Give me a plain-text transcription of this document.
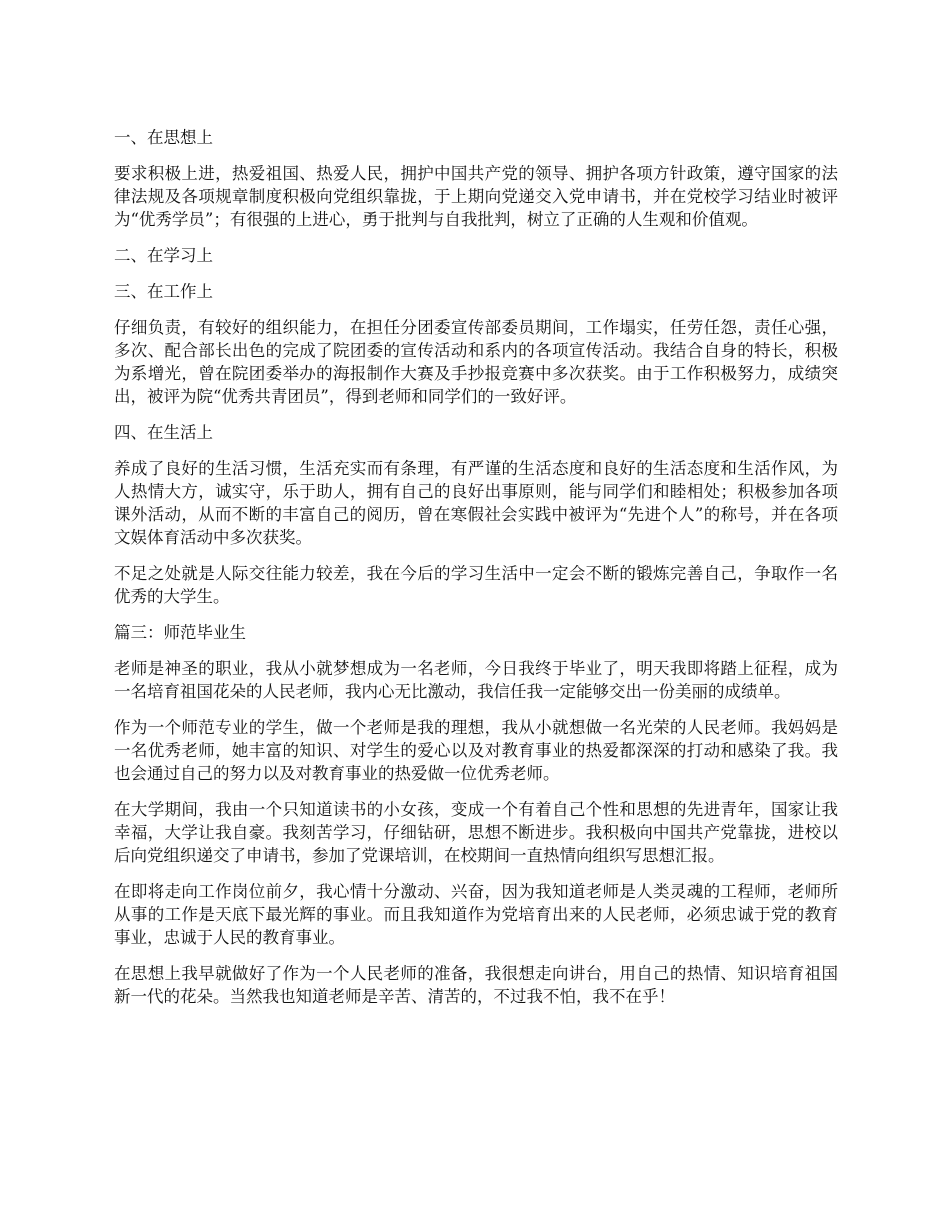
一、在思想上
要求积极上进，热爱祖国、热爱人民，拥护中国共产党的领导、拥护各项方针政策，遵守国家的法律法规及各项规章制度积极向党组织靠拢，于上期向党递交入党申请书，并在党校学习结业时被评为“优秀学员”；有很强的上进心，勇于批判与自我批判，树立了正确的人生观和价值观。
二、在学习上
三、在工作上
仔细负责，有较好的组织能力，在担任分团委宣传部委员期间，工作塌实，任劳任怨，责任心强，多次、配合部长出色的完成了院团委的宣传活动和系内的各项宣传活动。我结合自身的特长，积极为系增光，曾在院团委举办的海报制作大赛及手抄报竞赛中多次获奖。由于工作积极努力，成绩突出，被评为院“优秀共青团员”，得到老师和同学们的一致好评。
四、在生活上
养成了良好的生活习惯，生活充实而有条理，有严谨的生活态度和良好的生活态度和生活作风，为人热情大方，诚实守，乐于助人，拥有自己的良好出事原则，能与同学们和睦相处；积极参加各项课外活动，从而不断的丰富自己的阅历，曾在寒假社会实践中被评为“先进个人”的称号，并在各项文娱体育活动中多次获奖。
不足之处就是人际交往能力较差，我在今后的学习生活中一定会不断的锻炼完善自己，争取作一名优秀的大学生。
篇三：师范毕业生
老师是神圣的职业，我从小就梦想成为一名老师，今日我终于毕业了，明天我即将踏上征程，成为一名培育祖国花朵的人民老师，我内心无比激动，我信任我一定能够交出一份美丽的成绩单。
作为一个师范专业的学生，做一个老师是我的理想，我从小就想做一名光荣的人民老师。我妈妈是一名优秀老师，她丰富的知识、对学生的爱心以及对教育事业的热爱都深深的打动和感染了我。我也会通过自己的努力以及对教育事业的热爱做一位优秀老师。
在大学期间，我由一个只知道读书的小女孩，变成一个有着自己个性和思想的先进青年，国家让我幸福，大学让我自豪。我刻苦学习，仔细钻研，思想不断进步。我积极向中国共产党靠拢，进校以后向党组织递交了申请书，参加了党课培训，在校期间一直热情向组织写思想汇报。
在即将走向工作岗位前夕，我心情十分激动、兴奋，因为我知道老师是人类灵魂的工程师，老师所从事的工作是天底下最光辉的事业。而且我知道作为党培育出来的人民老师，必须忠诚于党的教育事业，忠诚于人民的教育事业。
在思想上我早就做好了作为一个人民老师的准备，我很想走向讲台，用自己的热情、知识培育祖国新一代的花朵。当然我也知道老师是辛苦、清苦的，不过我不怕，我不在乎！
